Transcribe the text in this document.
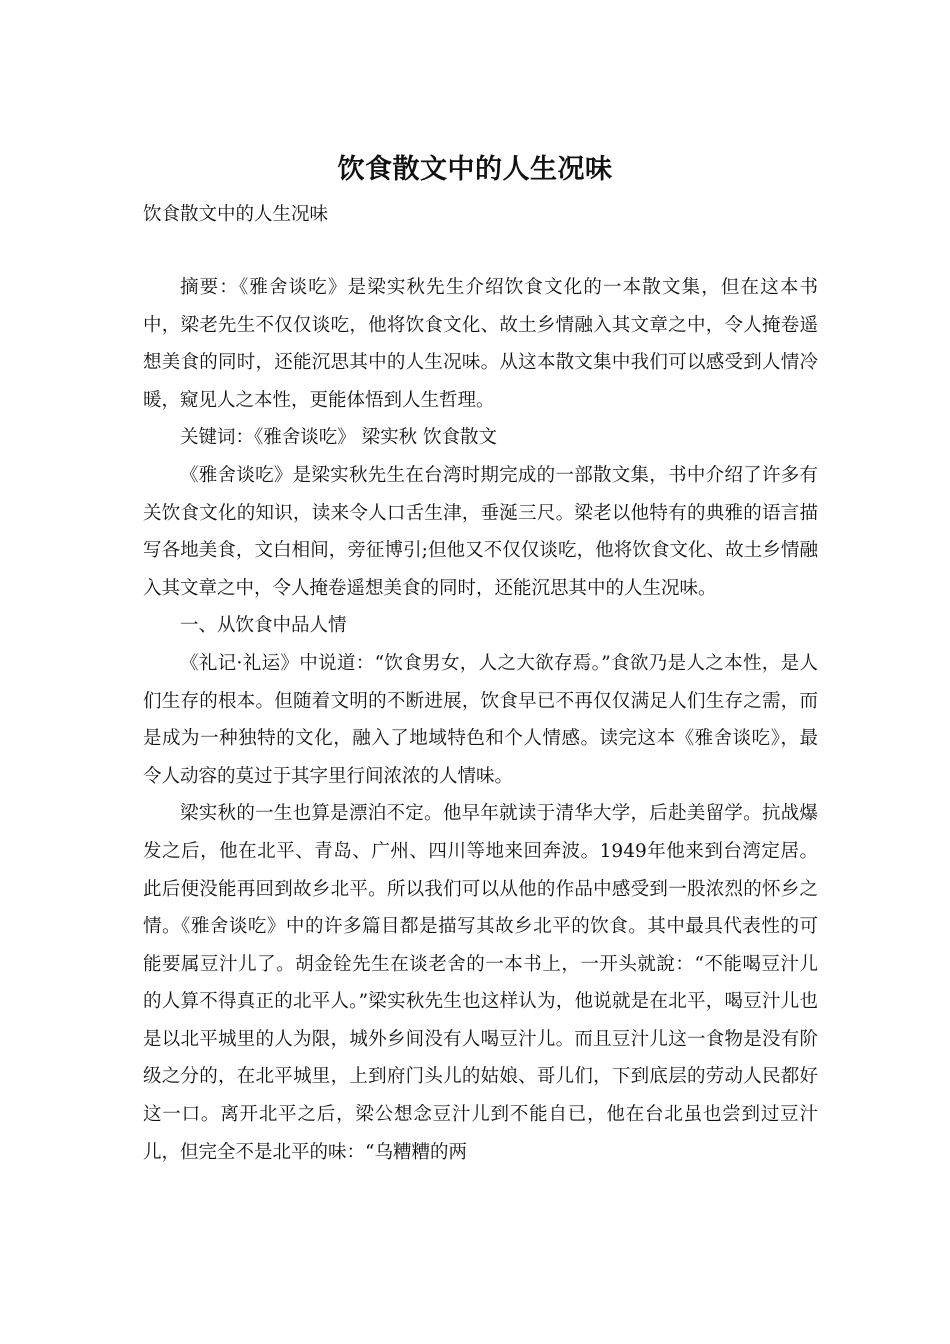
饮食散文中的人生况味
饮食散文中的人生况味

摘要：《雅舍谈吃》是梁实秋先生介绍饮食文化的一本散文集，但在这本书中，梁老先生不仅仅谈吃，他将饮食文化、故土乡情融入其文章之中，令人掩卷遥想美食的同时，还能沉思其中的人生况味。从这本散文集中我们可以感受到人情冷暖，窥见人之本性，更能体悟到人生哲理。

关键词：《雅舍谈吃》 梁实秋 饮食散文

《雅舍谈吃》是梁实秋先生在台湾时期完成的一部散文集，书中介绍了许多有关饮食文化的知识，读来令人口舌生津，垂涎三尺。梁老以他特有的典雅的语言描写各地美食，文白相间，旁征博引;但他又不仅仅谈吃，他将饮食文化、故土乡情融入其文章之中，令人掩卷遥想美食的同时，还能沉思其中的人生况味。

一、从饮食中品人情

《礼记·礼运》中说道：“饮食男女，人之大欲存焉。”食欲乃是人之本性，是人们生存的根本。但随着文明的不断进展，饮食早已不再仅仅满足人们生存之需，而是成为一种独特的文化，融入了地域特色和个人情感。读完这本《雅舍谈吃》，最令人动容的莫过于其字里行间浓浓的人情味。

梁实秋的一生也算是漂泊不定。他早年就读于清华大学，后赴美留学。抗战爆发之后，他在北平、青岛、广州、四川等地来回奔波。1949年他来到台湾定居。此后便没能再回到故乡北平。所以我们可以从他的作品中感受到一股浓烈的怀乡之情。《雅舍谈吃》中的许多篇目都是描写其故乡北平的饮食。其中最具代表性的可能要属豆汁儿了。胡金铨先生在谈老舍的一本书上，一开头就說：“不能喝豆汁儿的人算不得真正的北平人。”梁实秋先生也这样认为，他说就是在北平，喝豆汁儿也是以北平城里的人为限，城外乡间没有人喝豆汁儿。而且豆汁儿这一食物是没有阶级之分的，在北平城里，上到府门头儿的姑娘、哥儿们，下到底层的劳动人民都好这一口。离开北平之后，梁公想念豆汁儿到不能自已，他在台北虽也尝到过豆汁儿，但完全不是北平的味：“乌糟糟的两
